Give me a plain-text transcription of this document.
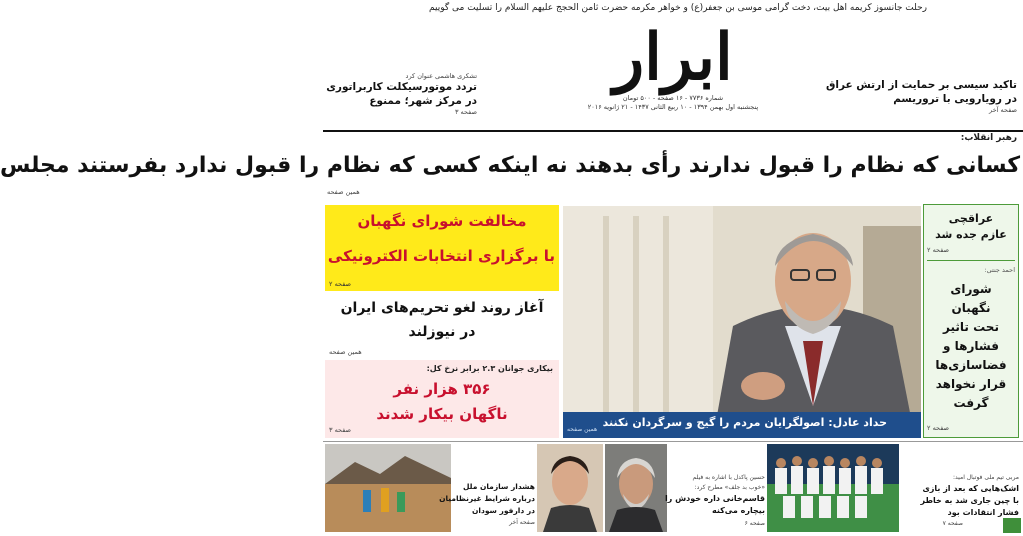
رحلت جانسوز کریمه اهل بیت، دخت گرامی موسی بن جعفر(ع) و خواهر مکرمه حضرت ثامن الحجج علیهم السلام را تسلیت می گوییم
ابرار
شماره ۷۷۳۶ - ۱۶ صفحه - ۵۰۰ تومان
پنجشنبه اول بهمن ۱۳۹۴ - ۱۰ ربیع الثانی ۱۴۳۷ - ۲۱ ژانویه ۲۰۱۶
تاکید سیسی بر حمایت از ارتش عراق
در رویارویی با تروریسم
صفحه آخر
تشکری هاشمی عنوان کرد
تردد موتورسیکلت کاربراتوری
در مرکز شهر؛ ممنوع
صفحه ۳
رهبر انقلاب:
کسانی که نظام را قبول ندارند رأی بدهند نه اینکه کسی که نظام را قبول ندارد بفرستند مجلس
همین صفحه
مخالفت شورای نگهبان
با برگزاری انتخابات الکترونیکی
صفحه ۲
آغاز روند لغو تحریم‌های ایران
در نیوزلند
همین صفحه
بیکاری جوانان ۲.۳ برابر نرخ کل:
۳۵۶ هزار نفر
ناگهان بیکار شدند
صفحه ۳
حداد عادل: اصولگرایان مردم را گیج و سرگردان نکنند
همین صفحه
عراقچی
عازم جده شد
صفحه ۲
احمد جنتی:
شورای
نگهبان
تحت تاثیر
فشارها و
فضاسازی‌ها
قرار نخواهد
گرفت
صفحه ۲
هشدار سازمان ملل
درباره شرایط غیرنظامیان
در دارفور سودان
صفحه آخر
حسین پاکدل با اشاره به فیلم
«خوب بد جلف» مطرح کرد:
قاسم‌خانی داره خودش را
بیچاره می‌کنه
صفحه ۶
مربی تیم ملی فوتبال امید:
اشک‌هایی که بعد از بازی
با چین جاری شد به خاطر
فشار انتقادات بود
صفحه ۷
